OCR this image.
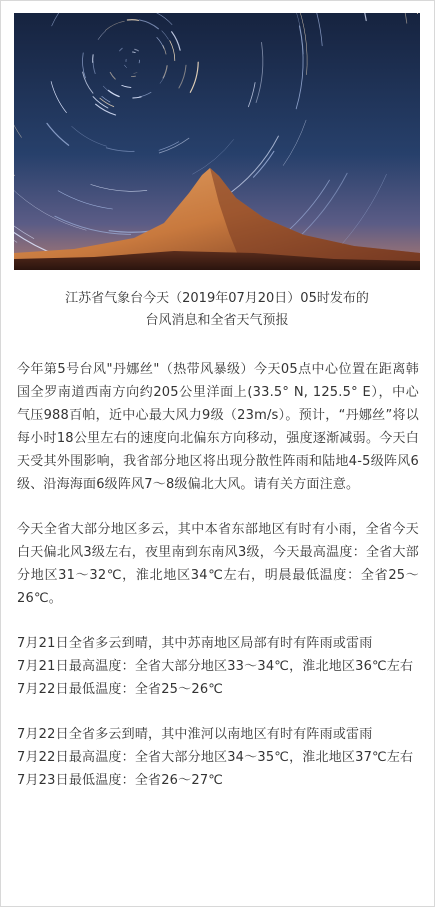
江苏省气象台今天（2019年07月20日）05时发布的

台风消息和全省天气预报

今年第5号台风"丹娜丝"（热带风暴级）今天05点中心位置在距离韩国全罗南道西南方向约205公里洋面上(33.5° N, 125.5° E），中心气压988百帕，近中心最大风力9级（23m/s）。预计，“丹娜丝”将以每小时18公里左右的速度向北偏东方向移动，强度逐渐减弱。今天白天受其外围影响，我省部分地区将出现分散性阵雨和陆地4-5级阵风6级、沿海海面6级阵风7～8级偏北大风。请有关方面注意。

今天全省大部分地区多云，其中本省东部地区有时有小雨，全省今天白天偏北风3级左右，夜里南到东南风3级，今天最高温度：全省大部分地区31～32℃，淮北地区34℃左右，明晨最低温度：全省25～26℃。

7月21日全省多云到晴，其中苏南地区局部有时有阵雨或雷雨
7月21日最高温度：全省大部分地区33～34℃，淮北地区36℃左右
7月22日最低温度：全省25～26℃
7月22日全省多云到晴，其中淮河以南地区有时有阵雨或雷雨
7月22日最高温度：全省大部分地区34～35℃，淮北地区37℃左右
7月23日最低温度：全省26～27℃
